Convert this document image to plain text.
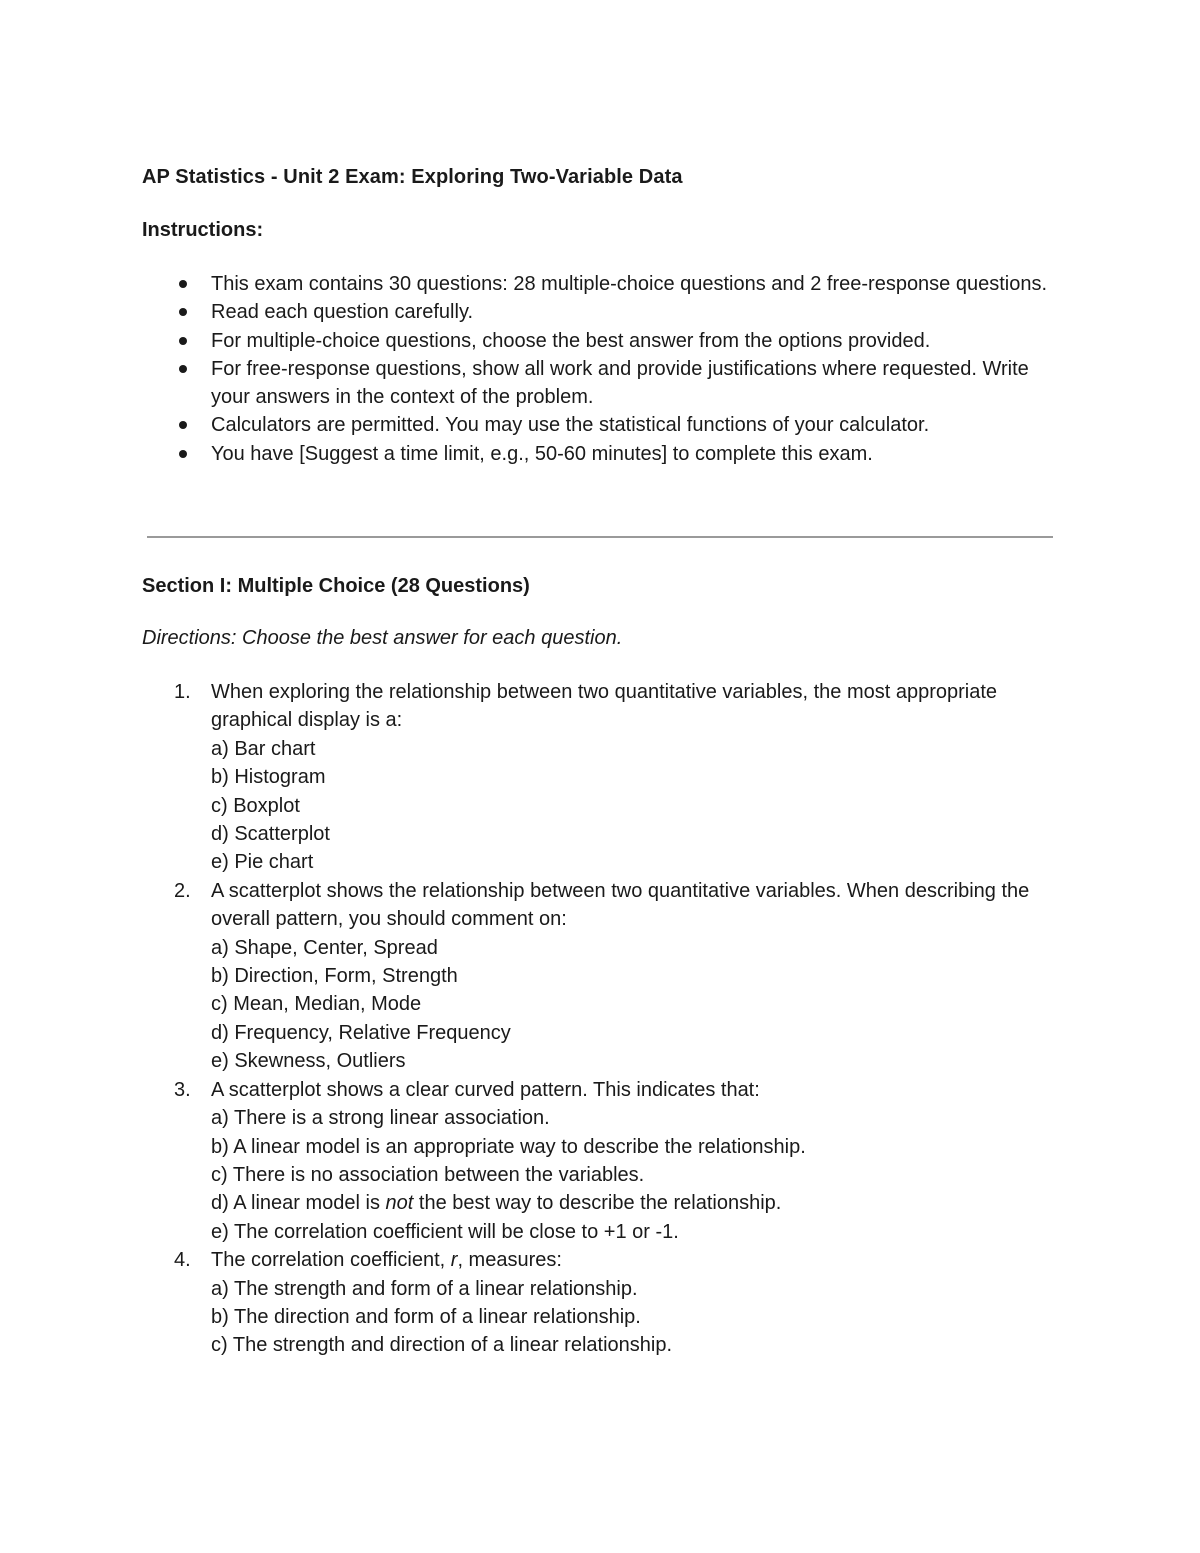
AP Statistics - Unit 2 Exam: Exploring Two-Variable Data
Instructions:
This exam contains 30 questions: 28 multiple-choice questions and 2 free-response questions.
Read each question carefully.
For multiple-choice questions, choose the best answer from the options provided.
For free-response questions, show all work and provide justifications where requested. Write your answers in the context of the problem.
Calculators are permitted. You may use the statistical functions of your calculator.
You have [Suggest a time limit, e.g., 50-60 minutes] to complete this exam.
Section I: Multiple Choice (28 Questions)
Directions: Choose the best answer for each question.
1. When exploring the relationship between two quantitative variables, the most appropriate graphical display is a:
a) Bar chart
b) Histogram
c) Boxplot
d) Scatterplot
e) Pie chart
2. A scatterplot shows the relationship between two quantitative variables. When describing the overall pattern, you should comment on:
a) Shape, Center, Spread
b) Direction, Form, Strength
c) Mean, Median, Mode
d) Frequency, Relative Frequency
e) Skewness, Outliers
3. A scatterplot shows a clear curved pattern. This indicates that:
a) There is a strong linear association.
b) A linear model is an appropriate way to describe the relationship.
c) There is no association between the variables.
d) A linear model is not the best way to describe the relationship.
e) The correlation coefficient will be close to +1 or -1.
4. The correlation coefficient, r, measures:
a) The strength and form of a linear relationship.
b) The direction and form of a linear relationship.
c) The strength and direction of a linear relationship.
